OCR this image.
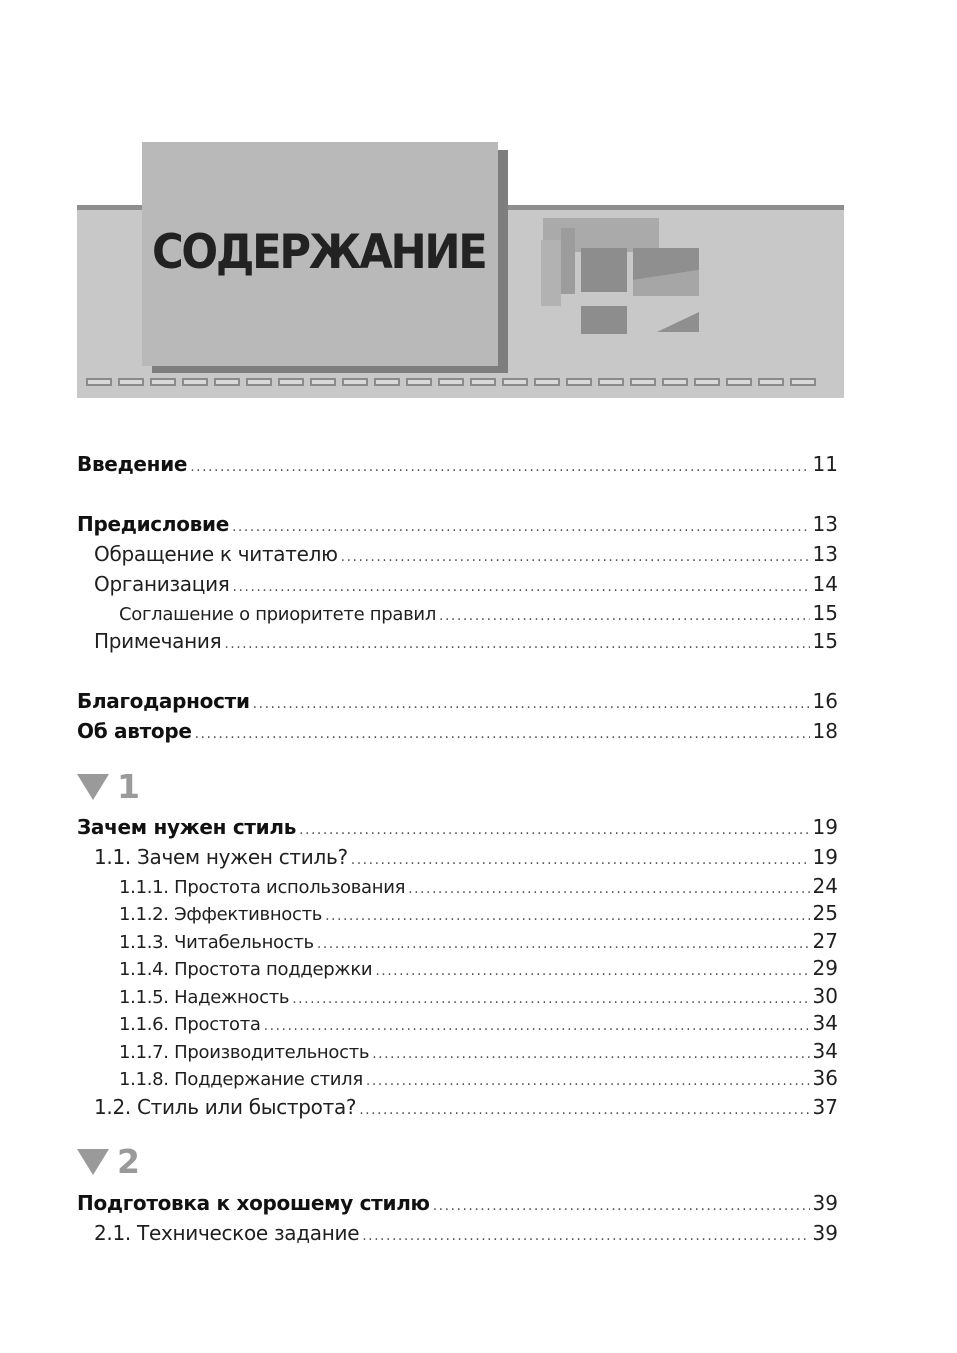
СОДЕРЖАНИЕ
Введение .....	11
Предисловие .....	13
Обращение к читателю .....	13
Организация .....	14
Соглашение о приоритете правил .....	15
Примечания .....	15
Благодарности .....	16
Об авторе .....	18
1
Зачем нужен стиль .....	19
1.1. Зачем нужен стиль? .....	19
1.1.1. Простота использования .....	24
1.1.2. Эффективность .....	25
1.1.3. Читабельность .....	27
1.1.4. Простота поддержки .....	29
1.1.5. Надежность .....	30
1.1.6. Простота .....	34
1.1.7. Производительность .....	34
1.1.8. Поддержание стиля .....	36
1.2. Стиль или быстрота? .....	37
2
Подготовка к хорошему стилю .....	39
2.1. Техническое задание .....	39
